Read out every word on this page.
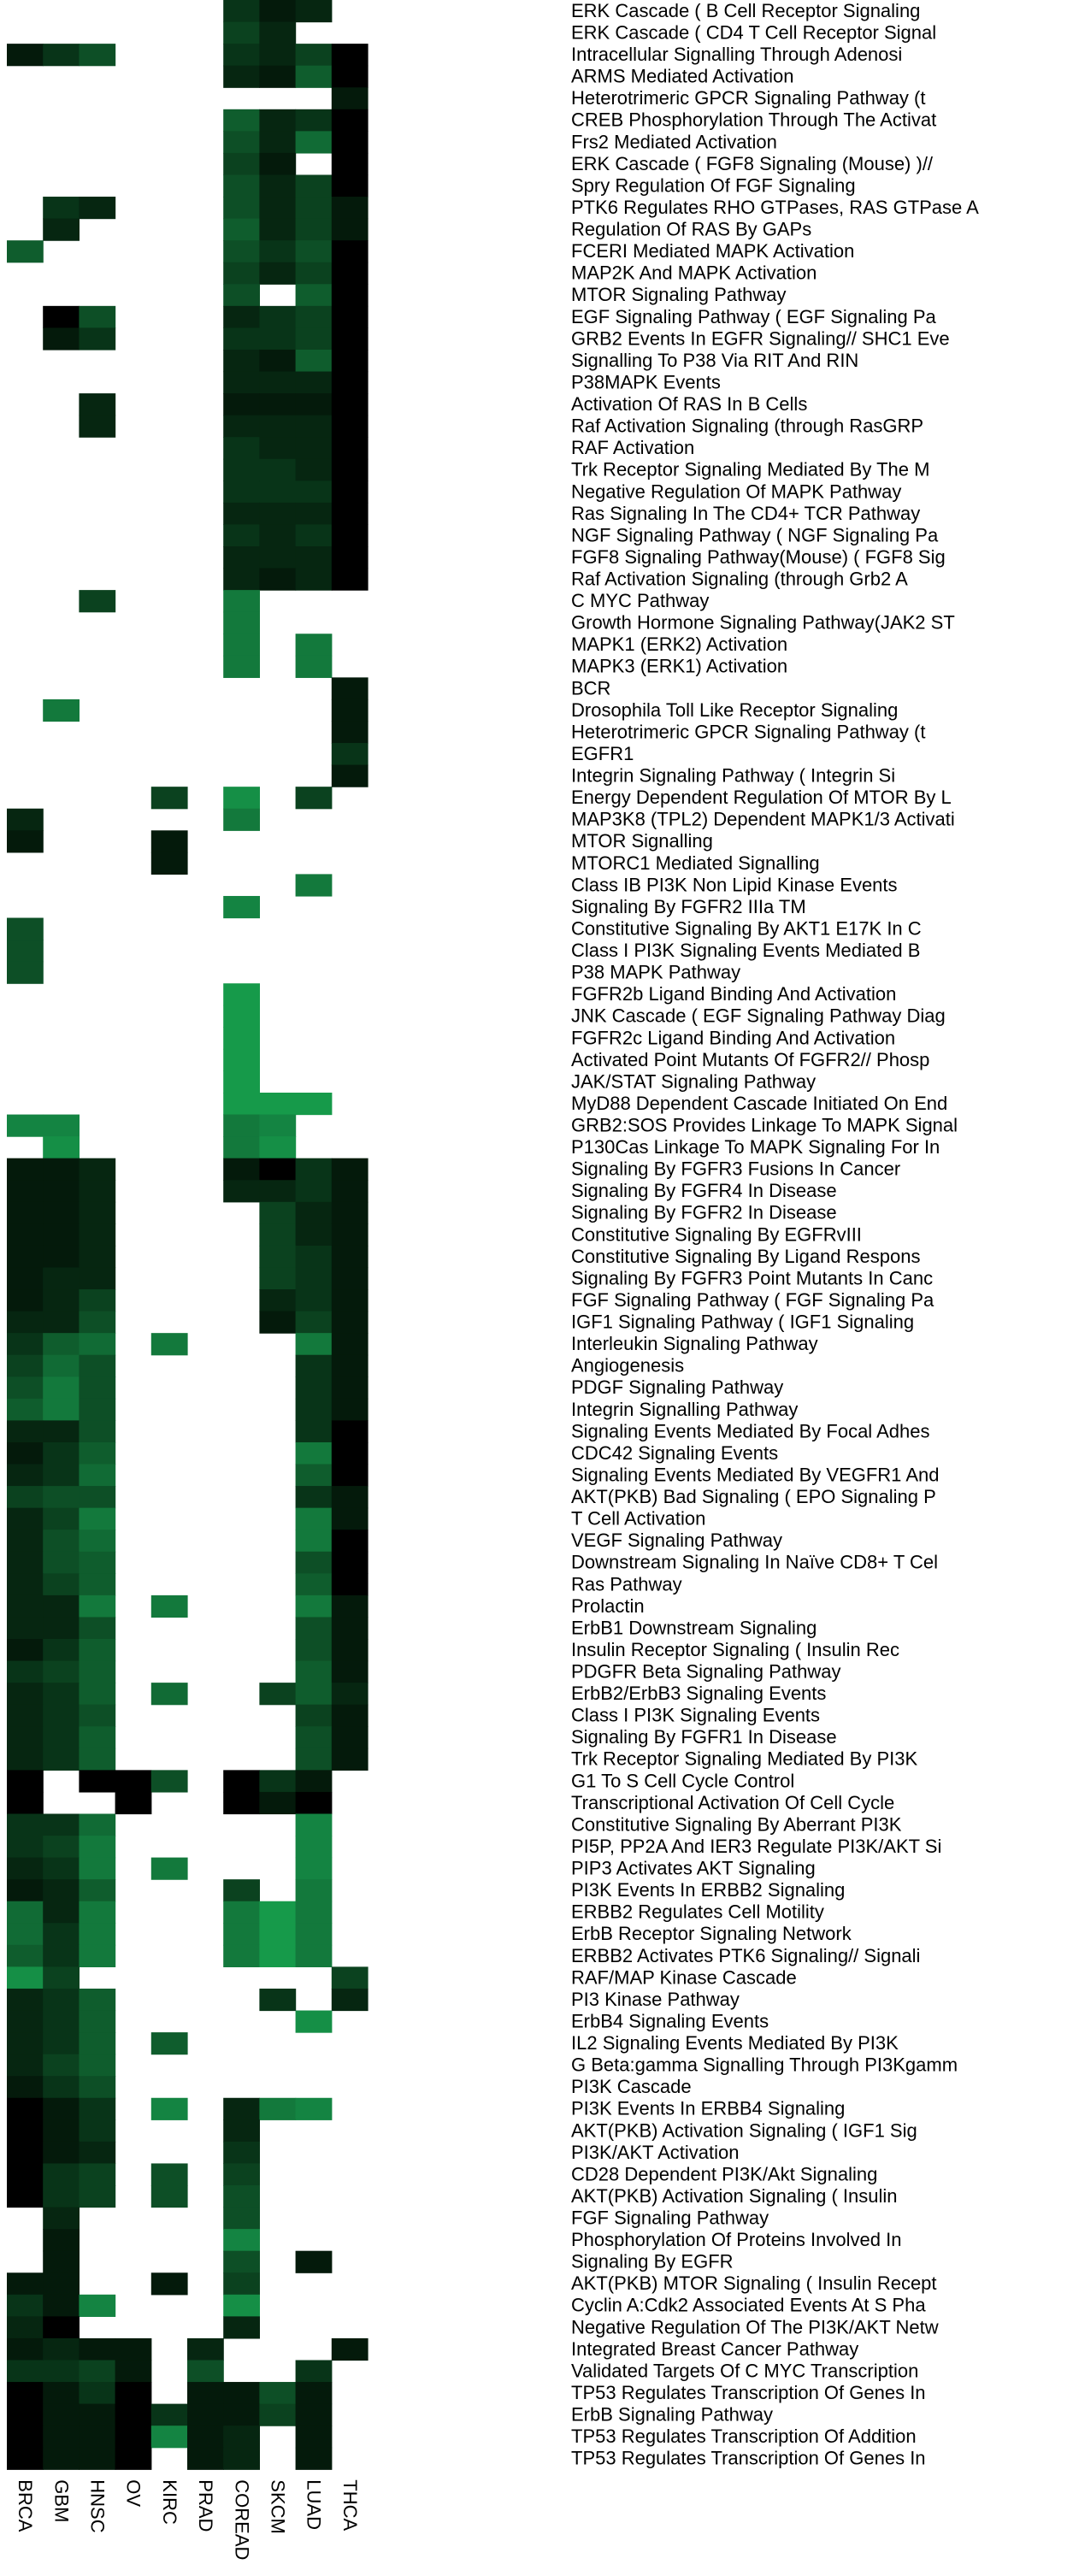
ERK Cascade ( B Cell Receptor Signaling
ERK Cascade ( CD4 T Cell Receptor Signal
Intracellular Signalling Through Adenosi
ARMS Mediated Activation
Heterotrimeric GPCR Signaling Pathway (t
CREB Phosphorylation Through The Activat
Frs2 Mediated Activation
ERK Cascade ( FGF8 Signaling (Mouse) )//
Spry Regulation Of FGF Signaling
PTK6 Regulates RHO GTPases, RAS GTPase A
Regulation Of RAS By GAPs
FCERI Mediated MAPK Activation
MAP2K And MAPK Activation
MTOR Signaling Pathway
EGF Signaling Pathway ( EGF Signaling Pa
GRB2 Events In EGFR Signaling// SHC1 Eve
Signalling To P38 Via RIT And RIN
P38MAPK Events
Activation Of RAS In B Cells
Raf Activation Signaling (through RasGRP
RAF Activation
Trk Receptor Signaling Mediated By The M
Negative Regulation Of MAPK Pathway
Ras Signaling In The CD4+ TCR Pathway
NGF Signaling Pathway ( NGF Signaling Pa
FGF8 Signaling Pathway(Mouse) ( FGF8 Sig
Raf Activation Signaling (through Grb2 A
C MYC Pathway
Growth Hormone Signaling Pathway(JAK2 ST
MAPK1 (ERK2) Activation
MAPK3 (ERK1) Activation
BCR
Drosophila Toll Like Receptor Signaling
Heterotrimeric GPCR Signaling Pathway (t
EGFR1
Integrin Signaling Pathway ( Integrin Si
Energy Dependent Regulation Of MTOR By L
MAP3K8 (TPL2) Dependent MAPK1/3 Activati
MTOR Signalling
MTORC1 Mediated Signalling
Class IB PI3K Non Lipid Kinase Events
Signaling By FGFR2 IIIa TM
Constitutive Signaling By AKT1 E17K In C
Class I PI3K Signaling Events Mediated B
P38 MAPK Pathway
FGFR2b Ligand Binding And Activation
JNK Cascade ( EGF Signaling Pathway Diag
FGFR2c Ligand Binding And Activation
Activated Point Mutants Of FGFR2// Phosp
JAK/STAT Signaling Pathway
MyD88 Dependent Cascade Initiated On End
GRB2:SOS Provides Linkage To MAPK Signal
P130Cas Linkage To MAPK Signaling For In
Signaling By FGFR3 Fusions In Cancer
Signaling By FGFR4 In Disease
Signaling By FGFR2 In Disease
Constitutive Signaling By EGFRvIII
Constitutive Signaling By Ligand Respons
Signaling By FGFR3 Point Mutants In Canc
FGF Signaling Pathway ( FGF Signaling Pa
IGF1 Signaling Pathway ( IGF1 Signaling
Interleukin Signaling Pathway
Angiogenesis
PDGF Signaling Pathway
Integrin Signalling Pathway
Signaling Events Mediated By Focal Adhes
CDC42 Signaling Events
Signaling Events Mediated By VEGFR1 And
AKT(PKB) Bad Signaling ( EPO Signaling P
T Cell Activation
VEGF Signaling Pathway
Downstream Signaling In Naïve CD8+ T Cel
Ras Pathway
Prolactin
ErbB1 Downstream Signaling
Insulin Receptor Signaling ( Insulin Rec
PDGFR Beta Signaling Pathway
ErbB2/ErbB3 Signaling Events
Class I PI3K Signaling Events
Signaling By FGFR1 In Disease
Trk Receptor Signaling Mediated By PI3K
G1 To S Cell Cycle Control
Transcriptional Activation Of Cell Cycle
Constitutive Signaling By Aberrant PI3K
PI5P, PP2A And IER3 Regulate PI3K/AKT Si
PIP3 Activates AKT Signaling
PI3K Events In ERBB2 Signaling
ERBB2 Regulates Cell Motility
ErbB Receptor Signaling Network
ERBB2 Activates PTK6 Signaling// Signali
RAF/MAP Kinase Cascade
PI3 Kinase Pathway
ErbB4 Signaling Events
IL2 Signaling Events Mediated By PI3K
G Beta:gamma Signalling Through PI3Kgamm
PI3K Cascade
PI3K Events In ERBB4 Signaling
AKT(PKB) Activation Signaling ( IGF1 Sig
PI3K/AKT Activation
CD28 Dependent PI3K/Akt Signaling
AKT(PKB) Activation Signaling ( Insulin
FGF Signaling Pathway
Phosphorylation Of Proteins Involved In
Signaling By EGFR
AKT(PKB) MTOR Signaling ( Insulin Recept
Cyclin A:Cdk2 Associated Events At S Pha
Negative Regulation Of The PI3K/AKT Netw
Integrated Breast Cancer Pathway
Validated Targets Of C MYC Transcription
TP53 Regulates Transcription Of Genes In
ErbB Signaling Pathway
TP53 Regulates Transcription Of Addition
TP53 Regulates Transcription Of Genes In
BRCA GBM HNSC OV KIRC PRAD COREAD SKCM LUAD THCA
